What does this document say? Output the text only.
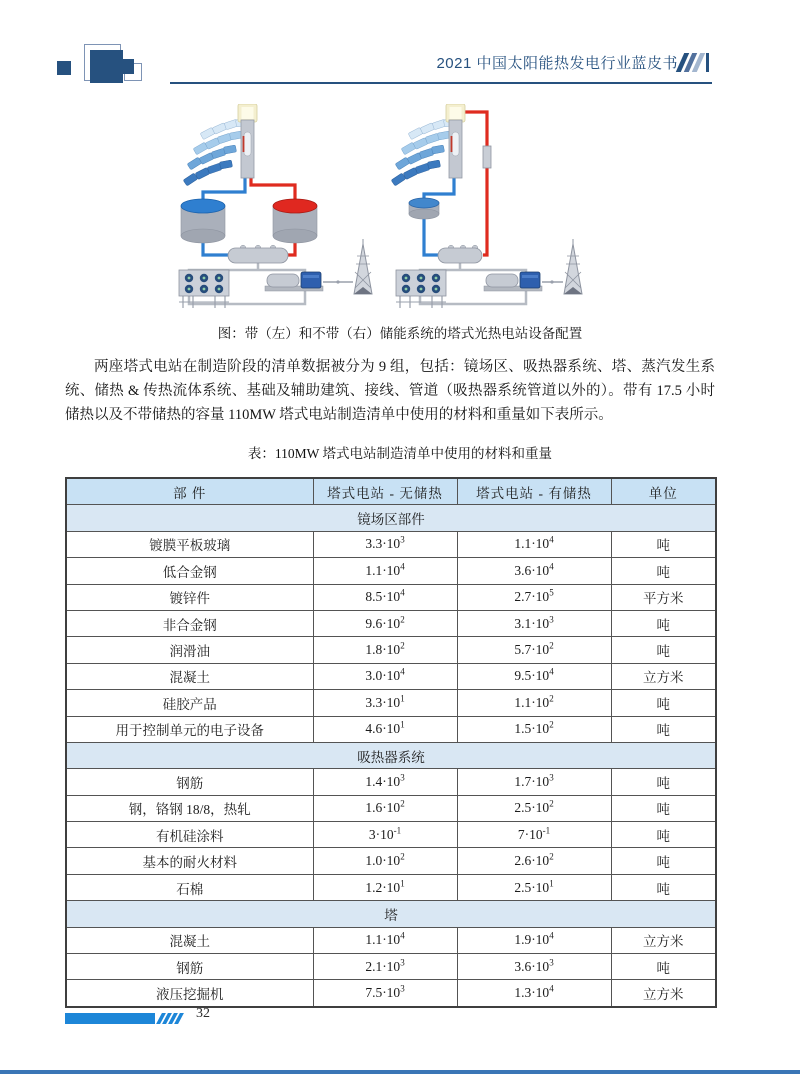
2021 中国太阳能热发电行业蓝皮书
图：带（左）和不带（右）储能系统的塔式光热电站设备配置
两座塔式电站在制造阶段的清单数据被分为 9 组，包括：镜场区、吸热器系统、塔、蒸汽发生系统、储热 & 传热流体系统、基础及辅助建筑、接线、管道（吸热器系统管道以外的）。带有 17.5 小时储热以及不带储热的容量 110MW 塔式电站制造清单中使用的材料和重量如下表所示。
表：110MW 塔式电站制造清单中使用的材料和重量
部 件	塔式电站 - 无储热	塔式电站 - 有储热	单位
镜场区部件			
镀膜平板玻璃	$3.3\cdot 10^3$	$1.1\cdot 10^4$	吨
低合金钢	$1.1\cdot 10^4$	$3.6\cdot 10^4$	吨
镀锌件	$8.5\cdot 10^4$	$2.7\cdot 10^5$	平方米
非合金钢	$9.6\cdot 10^2$	$3.1\cdot 10^3$	吨
润滑油	$1.8\cdot 10^2$	$5.7\cdot 10^2$	吨
混凝土	$3.0\cdot 10^4$	$9.5\cdot 10^4$	立方米
硅胶产品	$3.3\cdot 10^1$	$1.1\cdot 10^2$	吨
用于控制单元的电子设备	$4.6\cdot 10^1$	$1.5\cdot 10^2$	吨
吸热器系统			
钢筋	$1.4\cdot 10^3$	$1.7\cdot 10^3$	吨
钢，铬钢 18/8，热轧	$1.6\cdot 10^2$	$2.5\cdot 10^2$	吨
有机硅涂料	$3\cdot 10^{-1}$	$7\cdot 10^{-1}$	吨
基本的耐火材料	$1.0\cdot 10^2$	$2.6\cdot 10^2$	吨
石棉	$1.2\cdot 10^1$	$2.5\cdot 10^1$	吨
塔			
混凝土	$1.1\cdot 10^4$	$1.9\cdot 10^4$	立方米
钢筋	$2.1\cdot 10^3$	$3.6\cdot 10^3$	吨
液压挖掘机	$7.5\cdot 10^3$	$1.3\cdot 10^4$	立方米
32
